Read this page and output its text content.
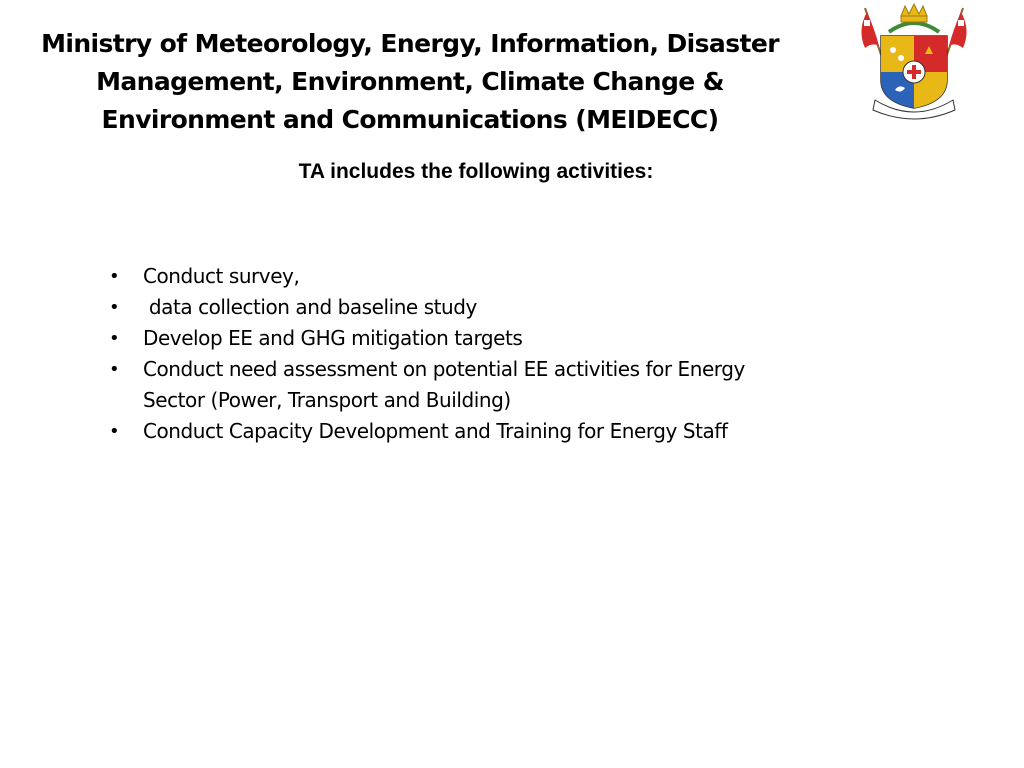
Ministry of Meteorology, Energy, Information, Disaster
Management, Environment, Climate Change &
Environment and Communications (MEIDECC)
TA includes the following activities:
• Conduct survey,
• data collection and baseline study
• Develop EE and GHG mitigation targets
• Conduct need assessment on potential EE activities for Energy Sector (Power, Transport and Building)
• Conduct Capacity Development and Training for Energy Staff
